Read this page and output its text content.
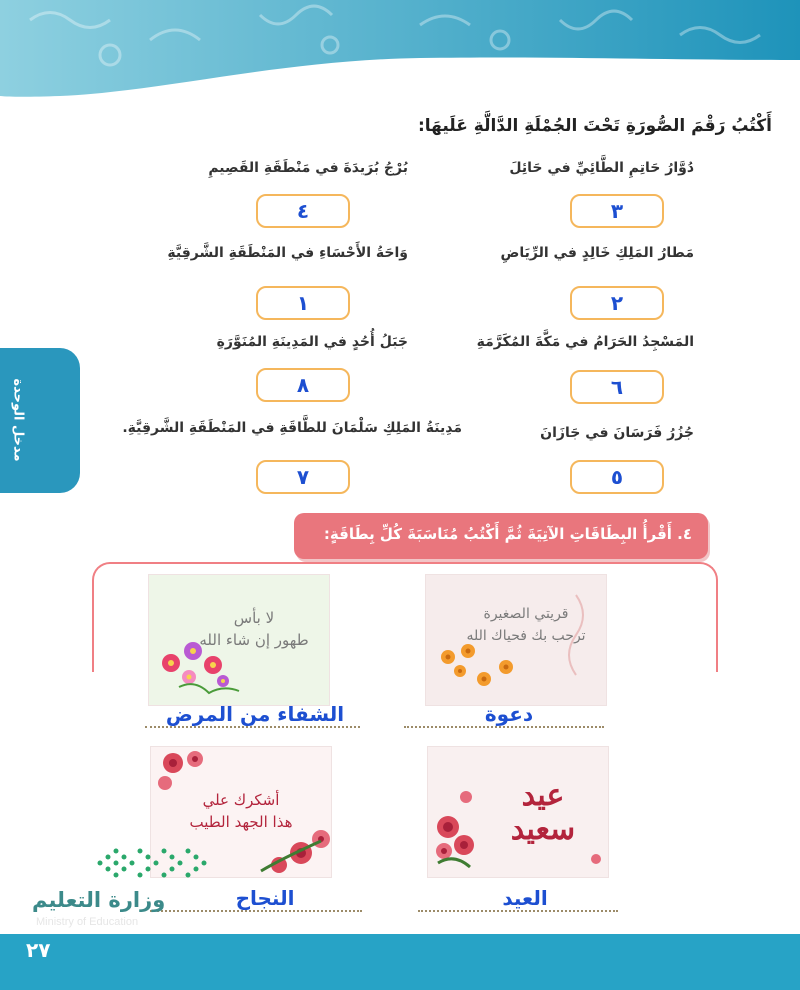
مدخل الوحدة
أَكْتُبُ رَقْمَ الصُّورَةِ تَحْتَ الجُمْلَةِ الدَّالَّةِ عَلَيهَا:
دُوَّارُ حَاتِمِ الطَّائِيِّ في حَائِلَ
٣
بُرْجُ بُرَيدَةَ في مَنْطَقَةِ القَصِيمِ
٤
مَطارُ المَلِكِ خَالِدٍ في الرِّيَاضِ
٢
وَاحَةُ الأَحْسَاءِ في المَنْطَقَةِ الشَّرقِيَّةِ
١
المَسْجِدُ الحَرَامُ في مَكَّةَ المُكَرَّمَةِ
٦
جَبَلُ أُحُدٍ في المَدِينَةِ المُنَوَّرَةِ
٨
جُزُرُ فَرَسَانَ في جَازَانَ
٥
مَدِينَةُ المَلِكِ سَلْمَانَ للطَّاقَةِ في المَنْطَقَةِ الشَّرقِيَّةِ.
٧
٤. أَقْرأُ البِطَاقَاتِ الآتِيَةَ ثُمَّ أَكْتُبُ مُنَاسَبَةَ كُلِّ بِطَاقَةٍ:
قريتي الصغيرة
ترحب بك فحياك الله
دعوة
لا بأس
طهور إن شاء الله
الشفاء من المرض
عيد
سعيد
العيد
أشكرك علي
هذا الجهد الطيب
النجاح
وزارة التعليم
Ministry of Education
٢٧
